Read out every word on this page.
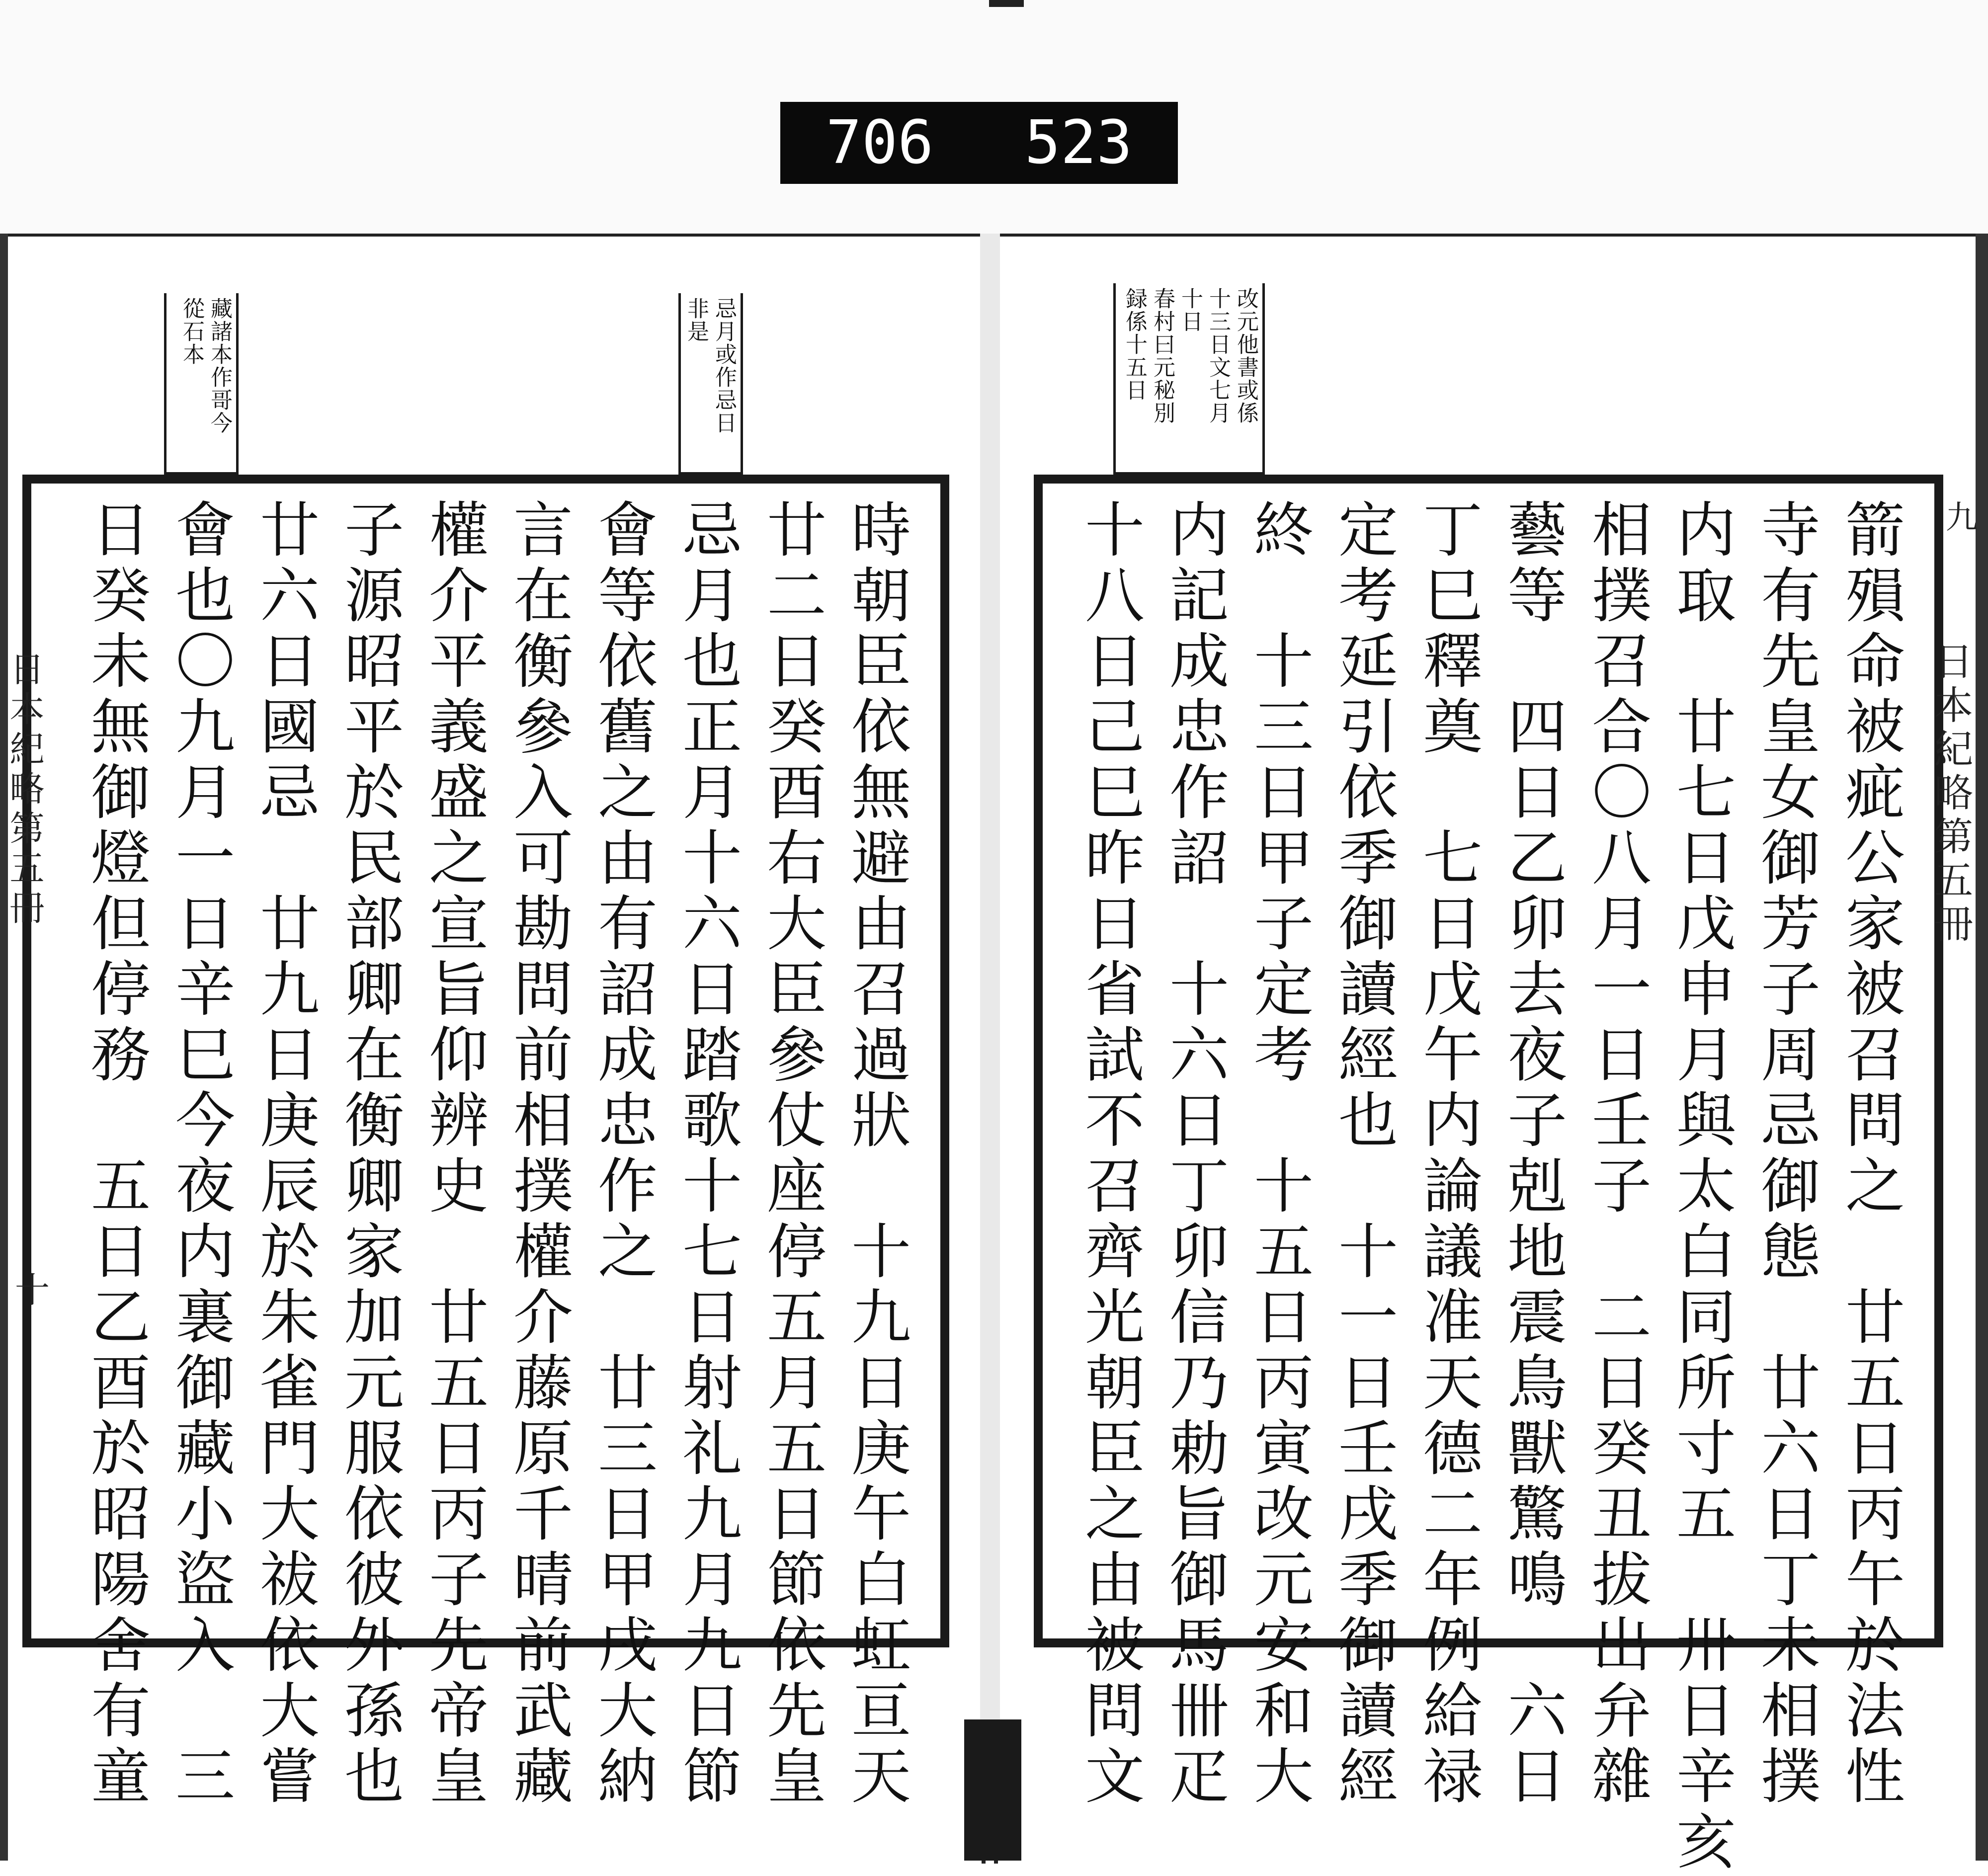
706 523
藏諸本作哥今
從石本	忌月或作忌日
非是	改元他書或係
十三日文七月
十日
春村曰元秘別
録係十五日
箭殞命被疵公家被召問之　廿五日丙午於法性
寺有先皇女御芳子周忌御態　廿六日丁未相撲
内取　廿七日戊申月與太白同所寸五　卅日辛亥
相撲召合〇八月一日壬子　二日癸丑拔出弁雜
藝等　四日乙卯去夜子剋地震鳥獸驚鳴　六日
丁巳釋奠　七日戊午内論議准天德二年例給禄
定考延引依季御讀經也　十一日壬戌季御讀經
終　十三日甲子定考　十五日丙寅改元安和大
内記成忠作詔　十六日丁卯信乃勅旨御馬卌疋
十八日己巳昨日省試不召齊光朝臣之由被問文
時朝臣依無避由召過狀　十九日庚午白虹亘天
廿二日癸酉右大臣參仗座停五月五日節依先皇
忌月也正月十六日踏歌十七日射礼九月九日節
會等依舊之由有詔成忠作之　廿三日甲戌大納
言在衡參入可勘問前相撲權介藤原千晴前武藏
權介平義盛之宣旨仰辨史　廿五日丙子先帝皇
子源昭平於民部卿在衡卿家加元服依彼外孫也
廿六日國忌　廿九日庚辰於朱雀門大祓依大嘗
會也〇九月一日辛巳今夜内裏御藏小盜入　三
日癸未無御燈但停務　五日乙酉於昭陽舍有童	日本紀略第五冊
九
日本紀略第五冊
十
